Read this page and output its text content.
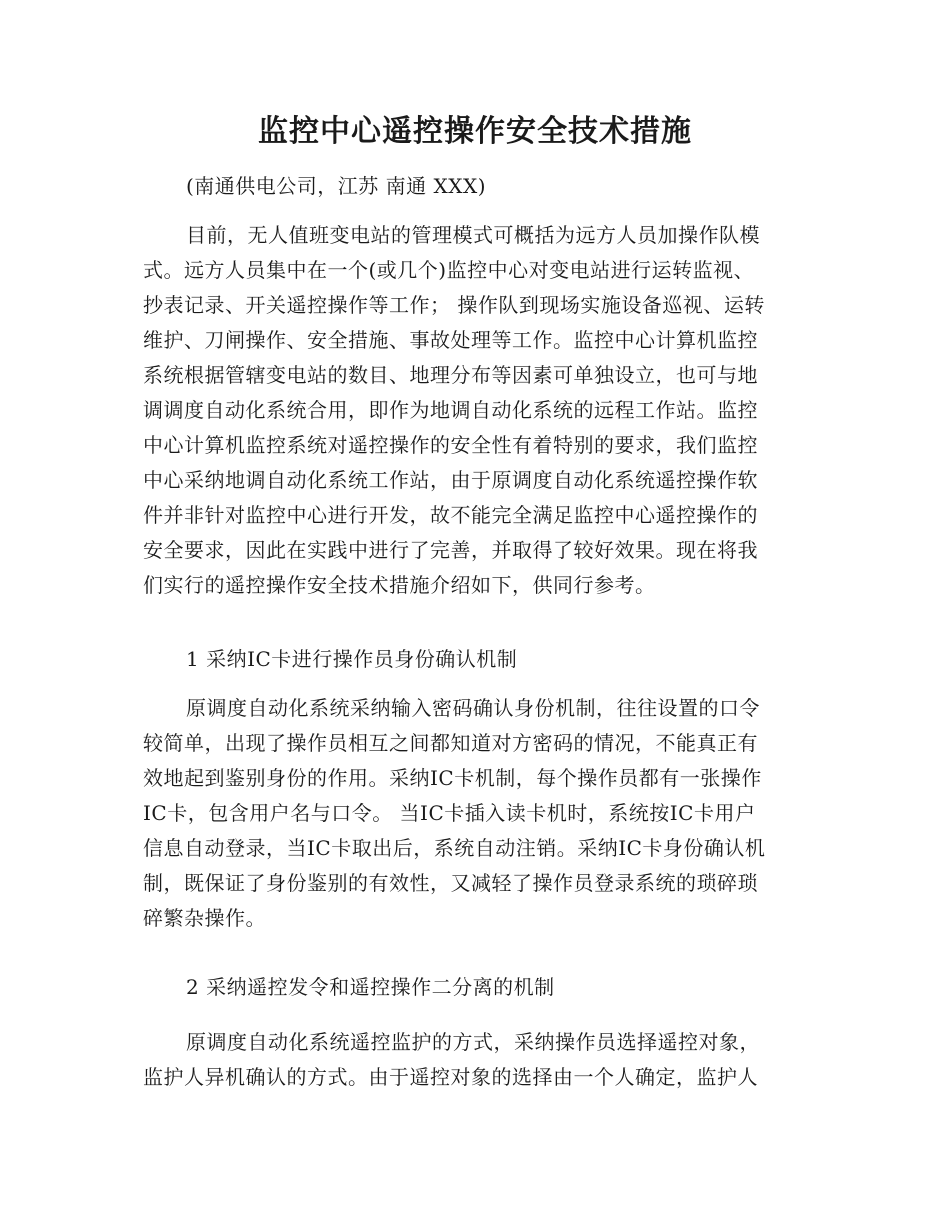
监控中心遥控操作安全技术措施
(南通供电公司，江苏 南通 XXX)
目前，无人值班变电站的管理模式可概括为远方人员加操作队模
式。远方人员集中在一个(或几个)监控中心对变电站进行运转监视、
抄表记录、开关遥控操作等工作； 操作队到现场实施设备巡视、运转
维护、刀闸操作、安全措施、事故处理等工作。监控中心计算机监控
系统根据管辖变电站的数目、地理分布等因素可单独设立，也可与地
调调度自动化系统合用，即作为地调自动化系统的远程工作站。监控
中心计算机监控系统对遥控操作的安全性有着特别的要求，我们监控
中心采纳地调自动化系统工作站，由于原调度自动化系统遥控操作软
件并非针对监控中心进行开发，故不能完全满足监控中心遥控操作的
安全要求，因此在实践中进行了完善，并取得了较好效果。现在将我
们实行的遥控操作安全技术措施介绍如下，供同行参考。
1 采纳IC卡进行操作员身份确认机制
原调度自动化系统采纳输入密码确认身份机制，往往设置的口令
较简单，出现了操作员相互之间都知道对方密码的情况，不能真正有
效地起到鉴别身份的作用。采纳IC卡机制，每个操作员都有一张操作
IC卡，包含用户名与口令。 当IC卡插入读卡机时，系统按IC卡用户
信息自动登录，当IC卡取出后，系统自动注销。采纳IC卡身份确认机
制，既保证了身份鉴别的有效性，又减轻了操作员登录系统的琐碎琐
碎繁杂操作。
2 采纳遥控发令和遥控操作二分离的机制
原调度自动化系统遥控监护的方式，采纳操作员选择遥控对象，
监护人异机确认的方式。由于遥控对象的选择由一个人确定，监护人
